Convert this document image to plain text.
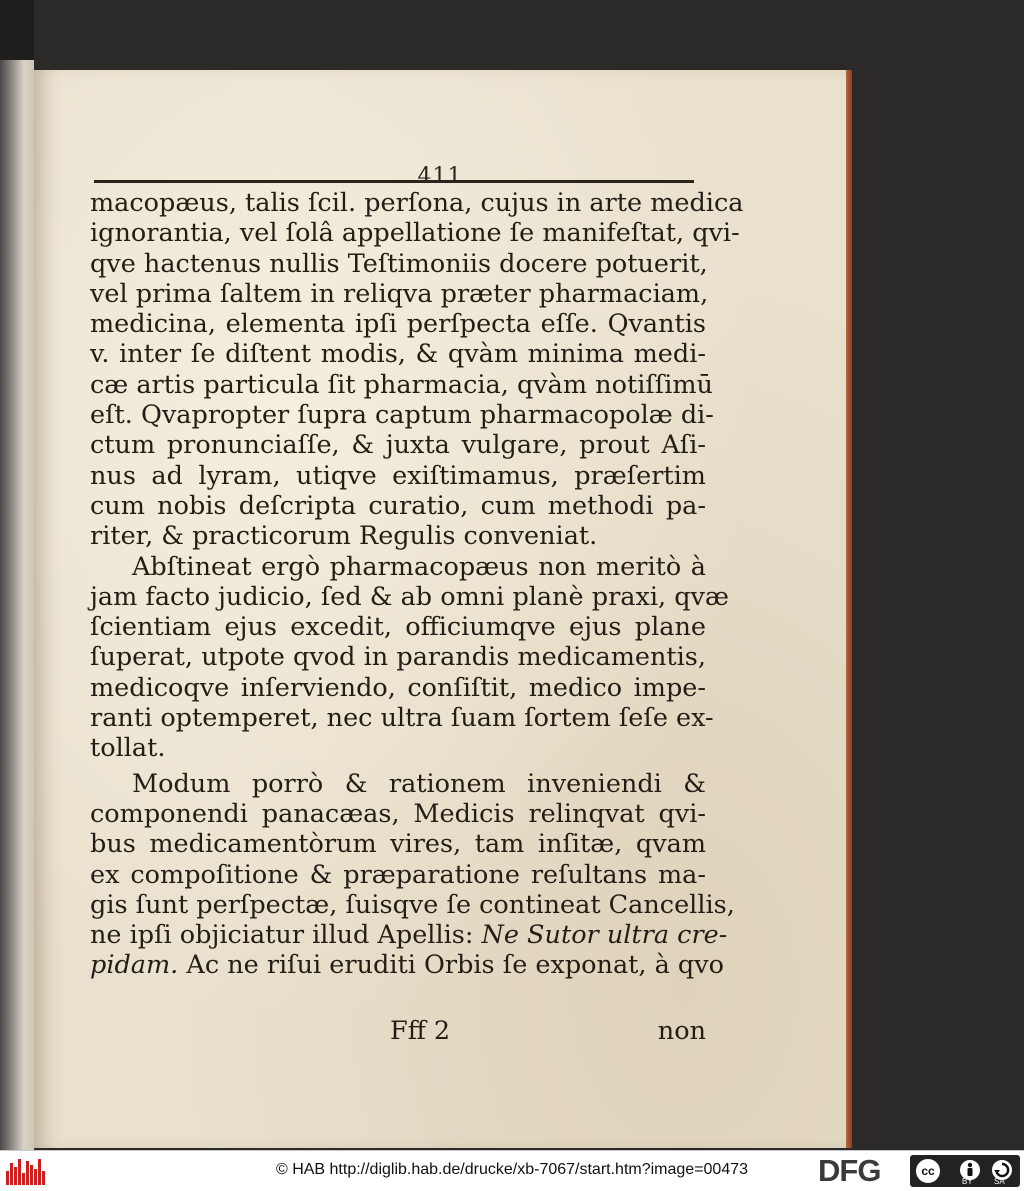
411
macopæus, talis ſcil. perſona, cujus in arte medica
ignorantia, vel ſolâ appellatione ſe manifeſtat, qvi-
qve hactenus nullis Teſtimoniis docere potuerit,
vel prima ſaltem in reliqva præter pharmaciam,
medicina, elementa ipſi perſpecta eſſe. Qvantis
v. inter ſe diſtent modis, & qvàm minima medi-
cæ artis particula ſit pharmacia, qvàm notiſſimū
eſt. Qvapropter ſupra captum pharmacopolæ di-
ctum pronunciaſſe, & juxta vulgare, prout Aſi-
nus ad lyram, utiqve exiſtimamus, præſertim
cum nobis deſcripta curatio, cum methodi pa-
riter, & practicorum Regulis conveniat.
Abſtineat ergò pharmacopæus non meritò à
jam facto judicio, ſed & ab omni planè praxi, qvæ
ſcientiam ejus excedit, officiumqve ejus plane
ſuperat, utpote qvod in parandis medicamentis,
medicoqve inſerviendo, conſiſtit, medico impe-
ranti optemperet, nec ultra ſuam ſortem ſeſe ex-
tollat.
Modum porrò & rationem inveniendi &
componendi panacæas, Medicis relinqvat qvi-
bus medicamentòrum vires, tam inſitæ, qvam
ex compoſitione & præparatione reſultans ma-
gis ſunt perſpectæ, ſuisqve ſe contineat Cancellis,
ne ipſi objiciatur illud Apellis: Ne Sutor ultra cre-
pidam. Ac ne riſui eruditi Orbis ſe exponat, à qvo
Fff 2	non
© HAB http://diglib.hab.de/drucke/xb-7067/start.htm?image=00473	DFG	cc
BY	SA
